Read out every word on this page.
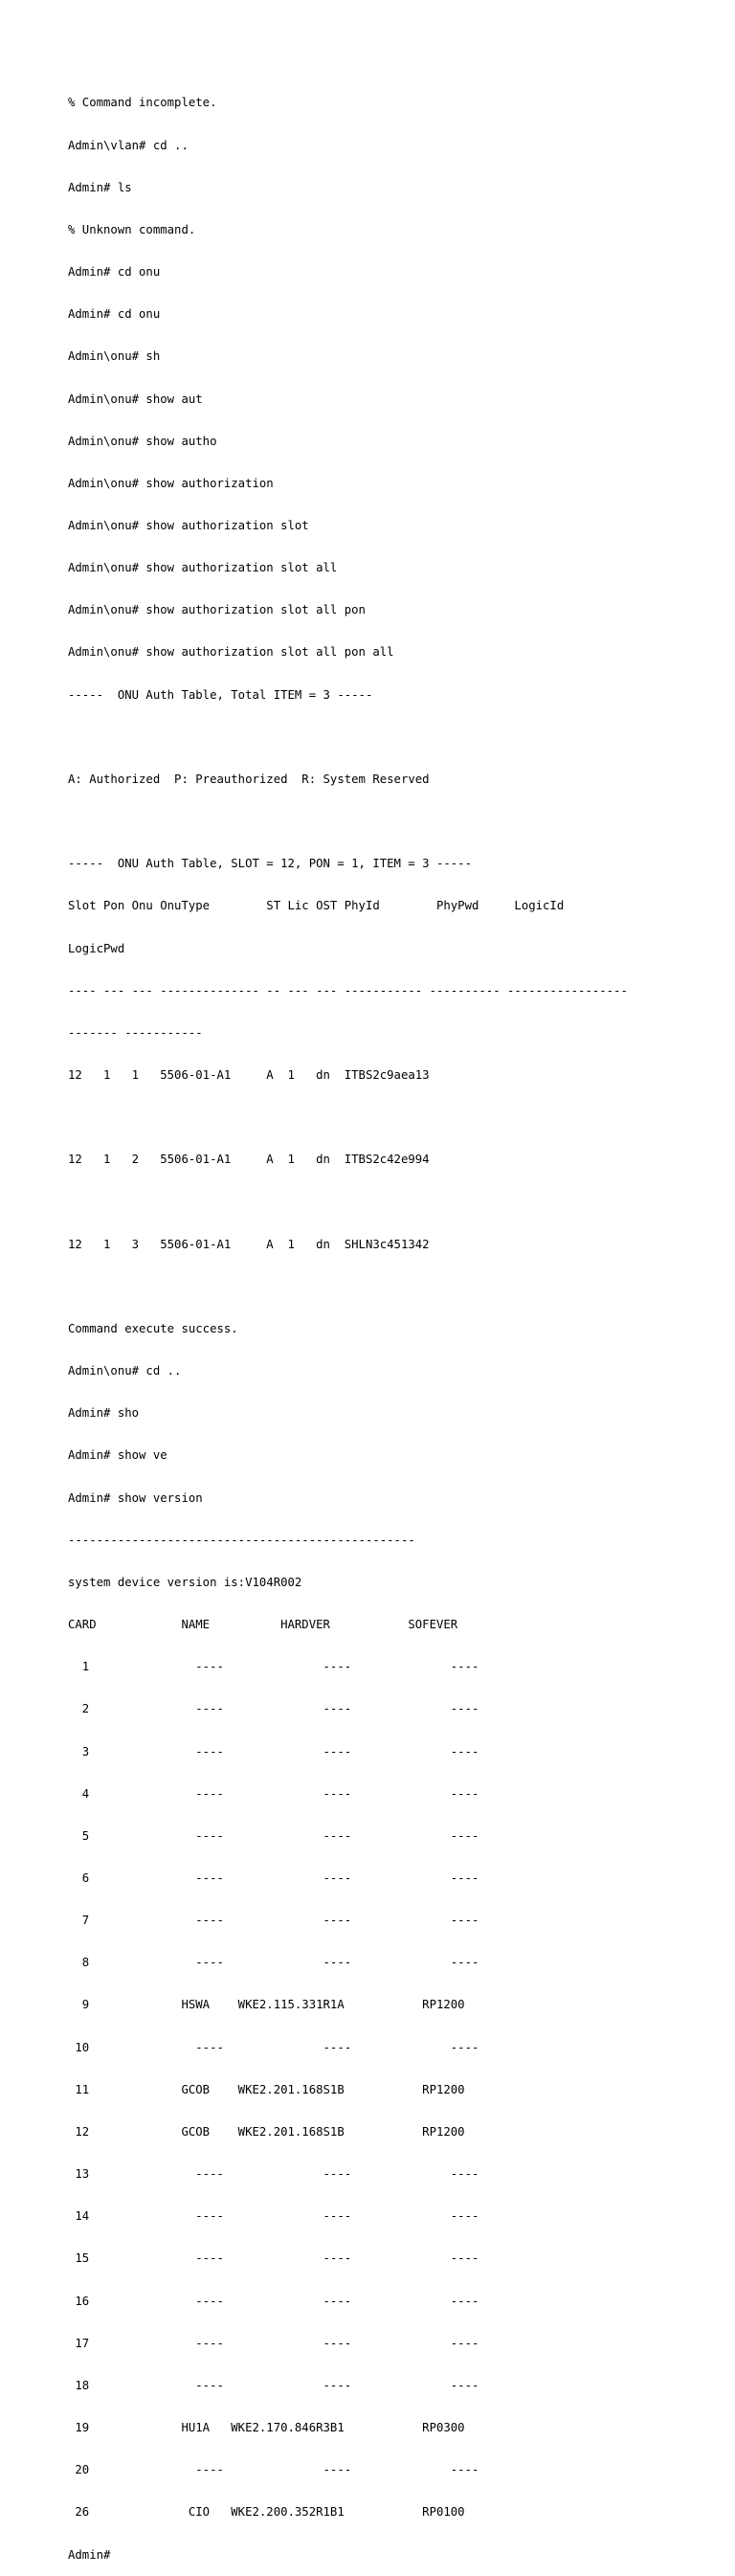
% Command incomplete.

Admin\vlan# cd ..

Admin# ls

% Unknown command.

Admin# cd onu

Admin# cd onu

Admin\onu# sh

Admin\onu# show aut

Admin\onu# show autho

Admin\onu# show authorization

Admin\onu# show authorization slot

Admin\onu# show authorization slot all

Admin\onu# show authorization slot all pon

Admin\onu# show authorization slot all pon all

-----  ONU Auth Table, Total ITEM = 3 -----

A: Authorized  P: Preauthorized  R: System Reserved

-----  ONU Auth Table, SLOT = 12, PON = 1, ITEM = 3 -----

Slot Pon Onu OnuType        ST Lic OST PhyId        PhyPwd     LogicId

LogicPwd

---- --- --- -------------- -- --- --- ----------- ---------- -----------------

------- -----------

12   1   1   5506-01-A1     A  1   dn  ITBS2c9aea13

12   1   2   5506-01-A1     A  1   dn  ITBS2c42e994

12   1   3   5506-01-A1     A  1   dn  SHLN3c451342

Command execute success.

Admin\onu# cd ..

Admin# sho

Admin# show ve

Admin# show version

-------------------------------------------------

system device version is:V104R002

CARD            NAME          HARDVER           SOFEVER

1               ----              ----              ----

2               ----              ----              ----

3               ----              ----              ----

4               ----              ----              ----

5               ----              ----              ----

6               ----              ----              ----

7               ----              ----              ----

8               ----              ----              ----

9             HSWA    WKE2.115.331R1A           RP1200

10               ----              ----              ----

11             GCOB    WKE2.201.168S1B           RP1200

12             GCOB    WKE2.201.168S1B           RP1200

13               ----              ----              ----

14               ----              ----              ----

15               ----              ----              ----

16               ----              ----              ----

17               ----              ----              ----

18               ----              ----              ----

19             HU1A   WKE2.170.846R3B1           RP0300

20               ----              ----              ----

26              CIO   WKE2.200.352R1B1           RP0100

Admin#
